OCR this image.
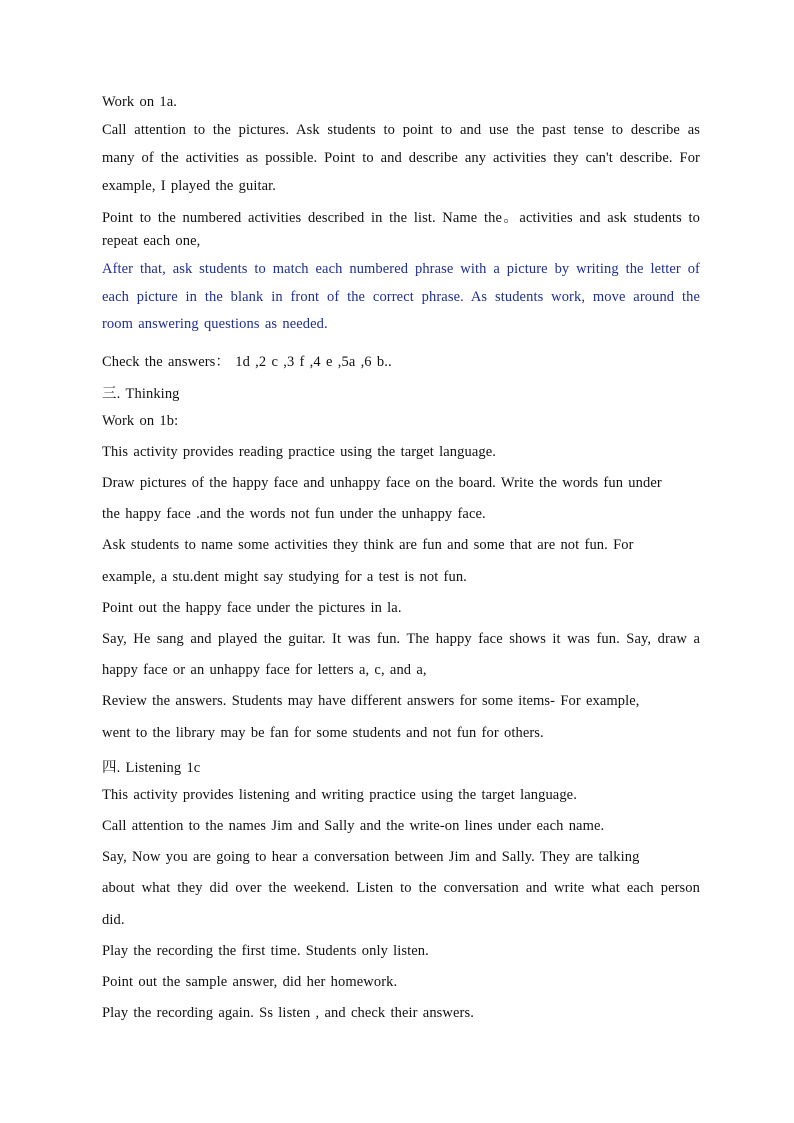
Work on 1a.
Call attention to the pictures. Ask students to point to and use the past tense to describe as
many of the activities as possible. Point to and describe any activities they can't describe. For
example, I played the guitar.
Point to the numbered activities described in the list. Name the。activities and ask students to
repeat each one,
After that, ask students to match each numbered phrase with a picture by writing the letter of
each picture in the blank in front of the correct phrase. As students work, move around the
room answering questions as needed.
Check the answers： 1d ,2 c ,3 f ,4 e ,5a ,6 b..
三. Thinking
Work on 1b:
This activity provides reading practice using the target language.
Draw pictures of the happy face and unhappy face on the board. Write the words fun under
the happy face .and the words not fun under the unhappy face.
Ask students to name some activities they think are fun and some that are not fun. For
example, a stu.dent might say studying for a test is not fun.
Point out the happy face under the pictures in la.
Say, He sang and played the guitar. It was fun. The happy face shows it was fun. Say, draw a
happy face or an unhappy face for letters a, c, and a,
Review the answers. Students may have different answers for some items- For example,
went to the library may be fan for some students and not fun for others.
四. Listening 1c
This activity provides listening and writing practice using the target language.
Call attention to the names Jim and Sally and the write-on lines under each name.
Say, Now you are going to hear a conversation between Jim and Sally. They are talking
about what they did over the weekend. Listen to the conversation and write what each person
did.
Play the recording the first time. Students only listen.
Point out the sample answer, did her homework.
Play the recording again. Ss listen , and check their answers.
